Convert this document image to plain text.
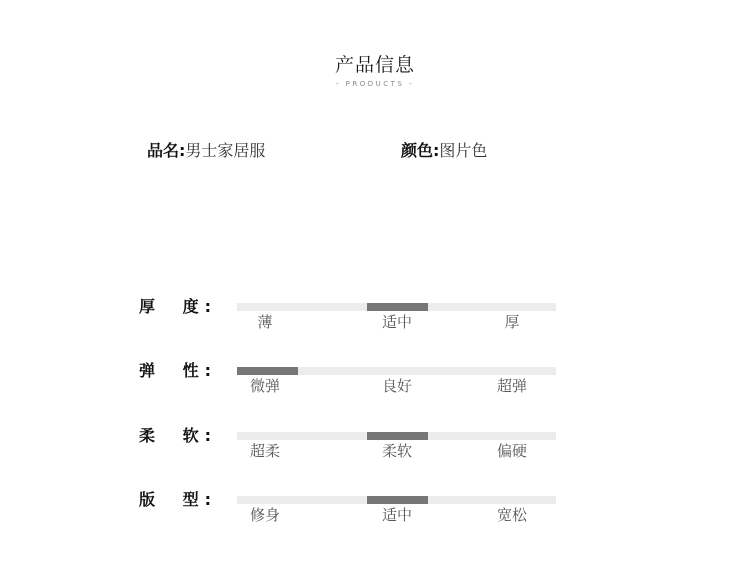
产品信息
- PRODUCTS -
品名:男士家居服	颜色:图片色
厚 度 :
薄	适中	厚
弹 性 :
微弹	良好	超弹
柔 软 :
超柔	柔软	偏硬
版 型 :
修身	适中	宽松
